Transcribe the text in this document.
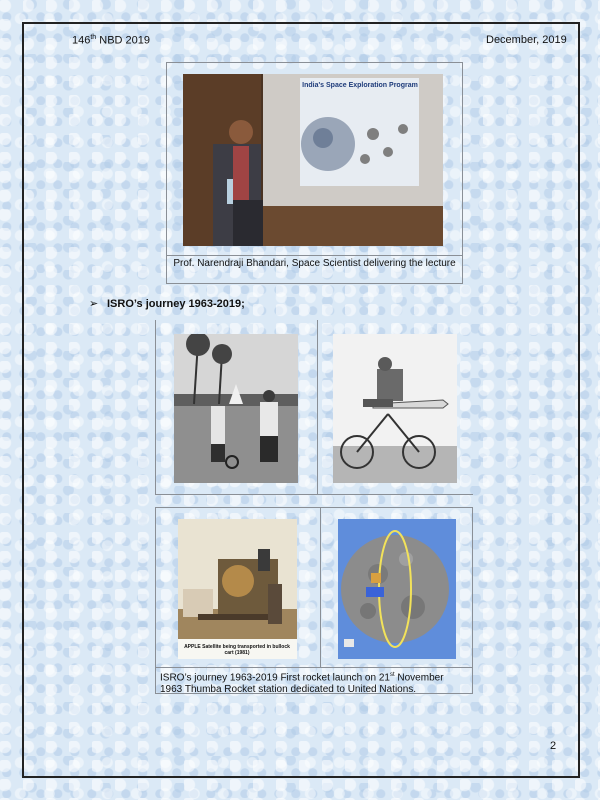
146th NBD 2019	December, 2019
India's Space Exploration Program
Prof. Narendraji Bhandari, Space Scientist delivering the lecture
➢ ISRO’s journey 1963-2019;
APPLE Satellite being transported in bullock cart (1981)
ISRO’s journey 1963-2019 First rocket launch on 21st November 1963 Thumba Rocket station dedicated to United Nations.
2
